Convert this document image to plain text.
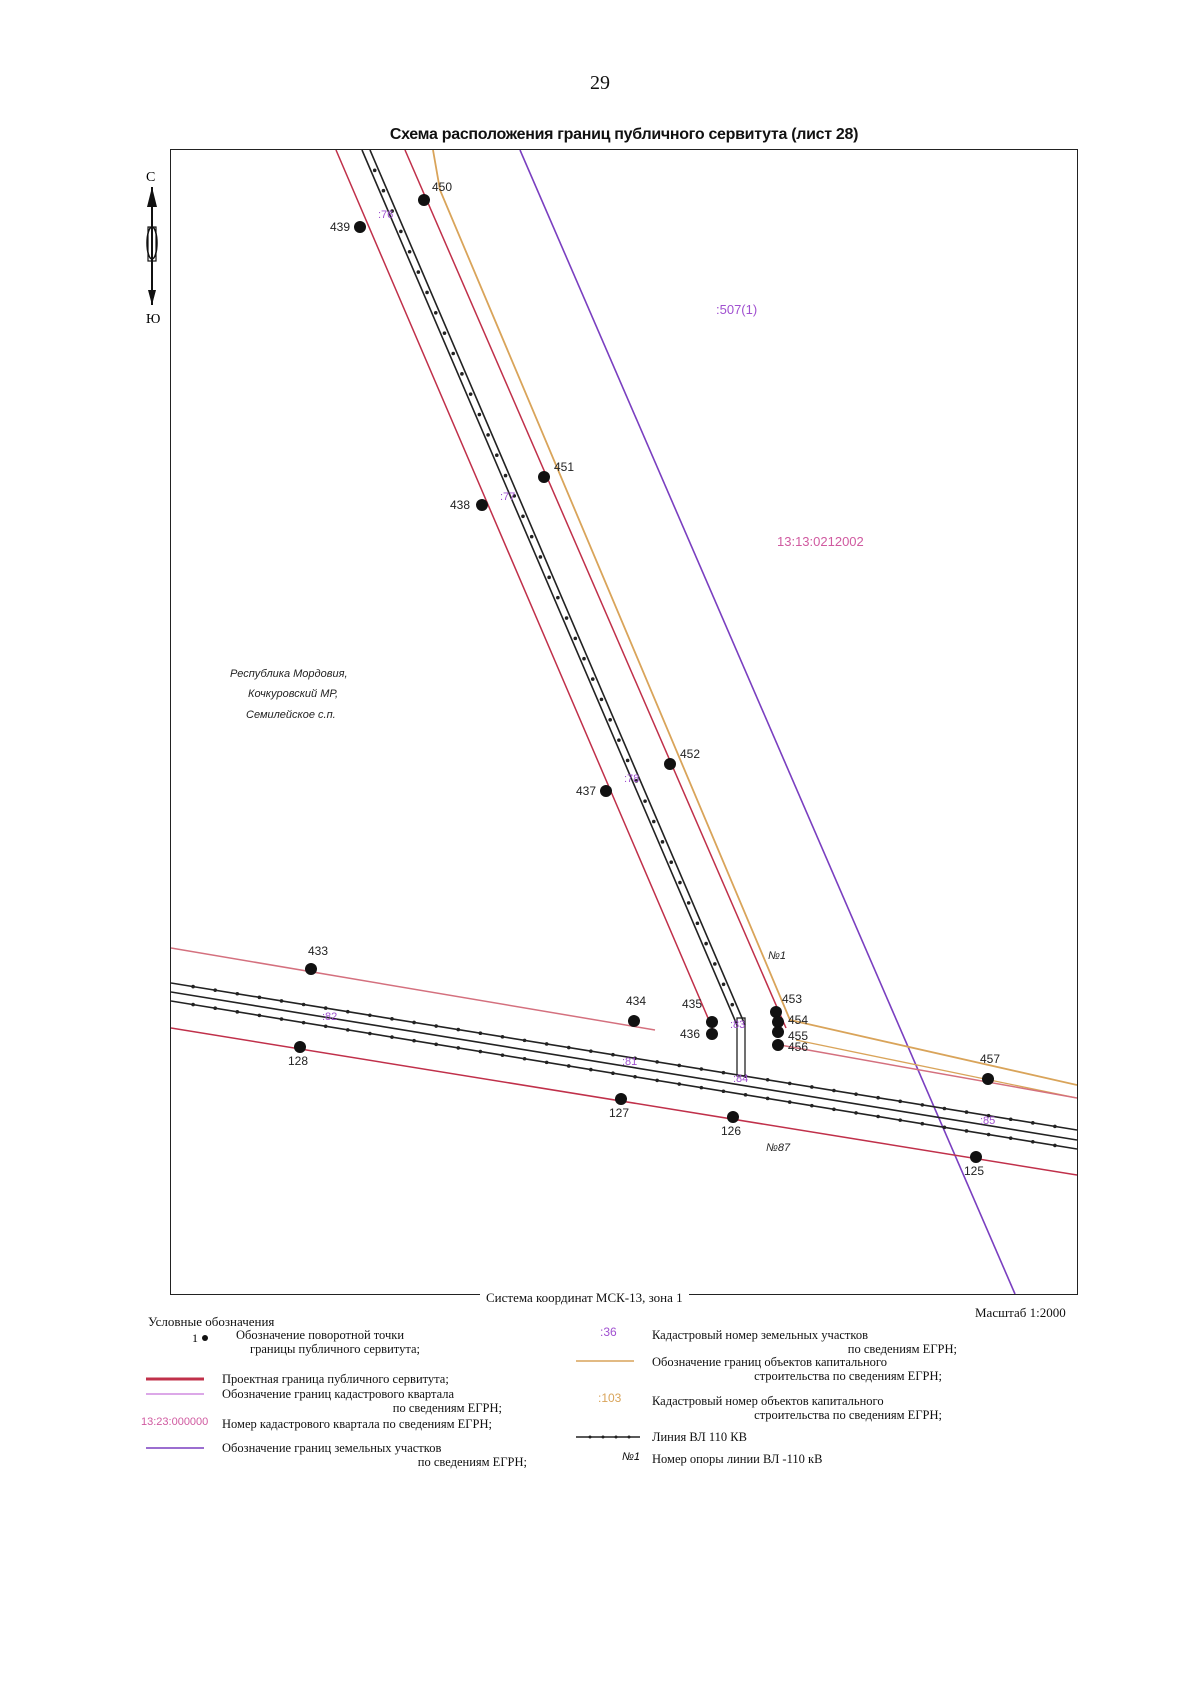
29
Схема расположения границ публичного сервитута (лист 28)
С
Ю
439
450
451
438
452
437
433
128
434	435
436
453
454
455
456
457
127
126
125
Республика Мордовия,
Кочкуровский МР,
Семилейское с.п.
13:13:0212002
:507(1)
:76
:77
:78
:82
:81
:83
:84
:85
№1
№87
Система координат МСК-13, зона 1
Масштаб 1:2000
Условные обозначения
1
13:23:000000
:36
:103
№1
Обозначение поворотной точки
границы публичного сервитута;
Проектная граница публичного сервитута;
Обозначение границ кадастрового квартала
по сведениям ЕГРН;
Номер кадастрового квартала по сведениям ЕГРН;
Обозначение границ земельных участков
по сведениям ЕГРН;
Кадастровый номер земельных участков
по сведениям ЕГРН;
Обозначение границ объектов капитального
строительства по сведениям ЕГРН;
Кадастровый номер объектов капитального
строительства по сведениям ЕГРН;
Линия ВЛ 110 КВ
Номер опоры линии ВЛ -110 кВ
